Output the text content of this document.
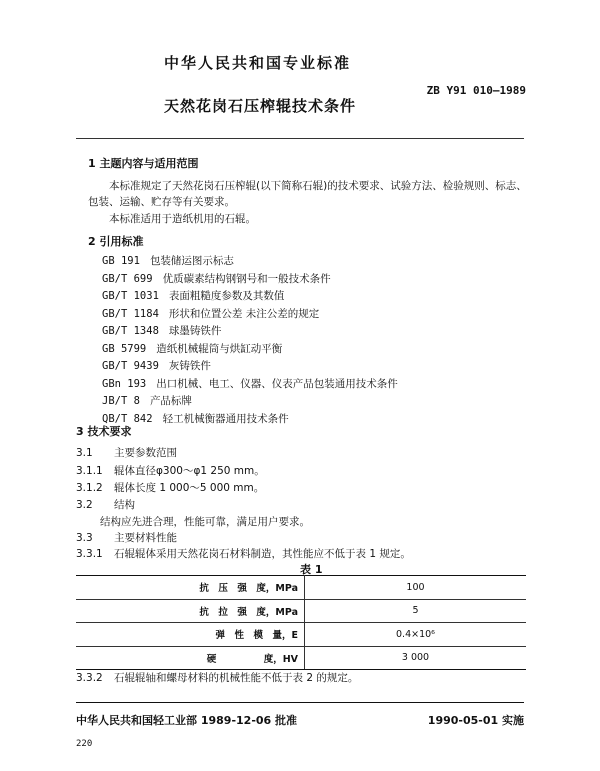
中华人民共和国专业标准
ZB Y91 010—1989
天然花岗石压榨辊技术条件
1 主题内容与适用范围
本标准规定了天然花岗石压榨辊(以下简称石辊)的技术要求、试验方法、检验规则、标志、包装、运输、贮存等有关要求。
本标准适用于造纸机用的石辊。
2 引用标准
GB 191 包装储运图示标志
GB/T 699 优质碳素结构钢钢号和一般技术条件
GB/T 1031 表面粗糙度参数及其数值
GB/T 1184 形状和位置公差 未注公差的规定
GB/T 1348 球墨铸铁件
GB 5799 造纸机械辊筒与烘缸动平衡
GB/T 9439 灰铸铁件
GBn 193 出口机械、电工、仪器、仪表产品包装通用技术条件
JB/T 8 产品标牌
QB/T 842 轻工机械衡器通用技术条件
3 技术要求
3.1 主要参数范围
3.1.1 辊体直径φ300～φ1 250 mm。
3.1.2 辊体长度 1 000～5 000 mm。
3.2 结构
结构应先进合理，性能可靠，满足用户要求。
3.3 主要材料性能
3.3.1 石辊辊体采用天然花岗石材料制造，其性能应不低于表 1 规定。
表 1
抗　压　强　度，MPa	100
抗　拉　强　度，MPa	5
弹　性　模　量，E	0.4×10⁶
硬　　　　　度，HV	3 000
3.3.2 石辊辊轴和螺母材料的机械性能不低于表 2 的规定。
中华人民共和国轻工业部 1989-12-06 批准	1990-05-01 实施
220
